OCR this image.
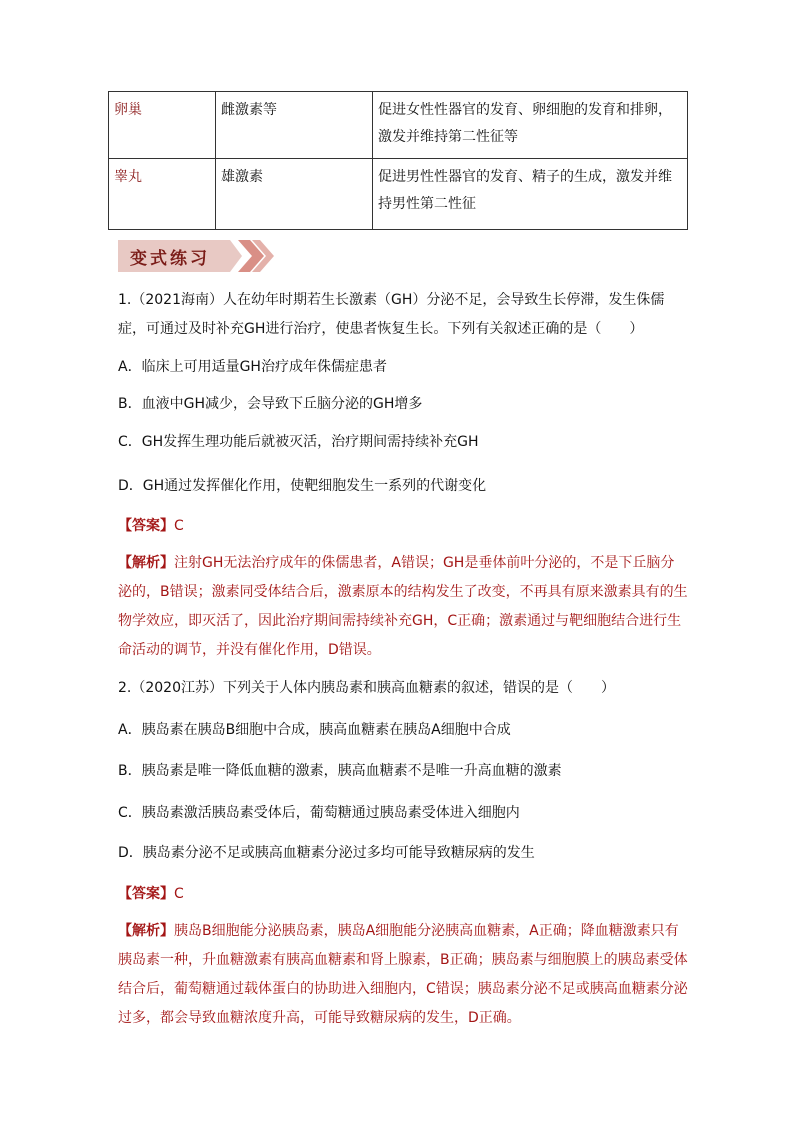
卵巢	雌激素等	促进女性性器官的发育、卵细胞的发育和排卵，激发并维持第二性征等
睾丸	雄激素	促进男性性器官的发育、精子的生成，激发并维持男性第二性征
变式练习
1.（2021海南）人在幼年时期若生长激素（GH）分泌不足，会导致生长停滞，发生侏儒症，可通过及时补充GH进行治疗，使患者恢复生长。下列有关叙述正确的是（　　）
A．临床上可用适量GH治疗成年侏儒症患者
B．血液中GH减少，会导致下丘脑分泌的GH增多
C．GH发挥生理功能后就被灭活，治疗期间需持续补充GH
D．GH通过发挥催化作用，使靶细胞发生一系列的代谢变化
【答案】C
【解析】注射GH无法治疗成年的侏儒患者，A错误；GH是垂体前叶分泌的，不是下丘脑分泌的，B错误；激素同受体结合后，激素原本的结构发生了改变，不再具有原来激素具有的生物学效应，即灭活了，因此治疗期间需持续补充GH，C正确；激素通过与靶细胞结合进行生命活动的调节，并没有催化作用，D错误。
2.（2020江苏）下列关于人体内胰岛素和胰高血糖素的叙述，错误的是（　　）
A．胰岛素在胰岛B细胞中合成，胰高血糖素在胰岛A细胞中合成
B．胰岛素是唯一降低血糖的激素，胰高血糖素不是唯一升高血糖的激素
C．胰岛素激活胰岛素受体后，葡萄糖通过胰岛素受体进入细胞内
D．胰岛素分泌不足或胰高血糖素分泌过多均可能导致糖尿病的发生
【答案】C
【解析】胰岛B细胞能分泌胰岛素，胰岛A细胞能分泌胰高血糖素，A正确；降血糖激素只有胰岛素一种，升血糖激素有胰高血糖素和肾上腺素，B正确；胰岛素与细胞膜上的胰岛素受体结合后，葡萄糖通过载体蛋白的协助进入细胞内，C错误；胰岛素分泌不足或胰高血糖素分泌过多，都会导致血糖浓度升高，可能导致糖尿病的发生，D正确。
